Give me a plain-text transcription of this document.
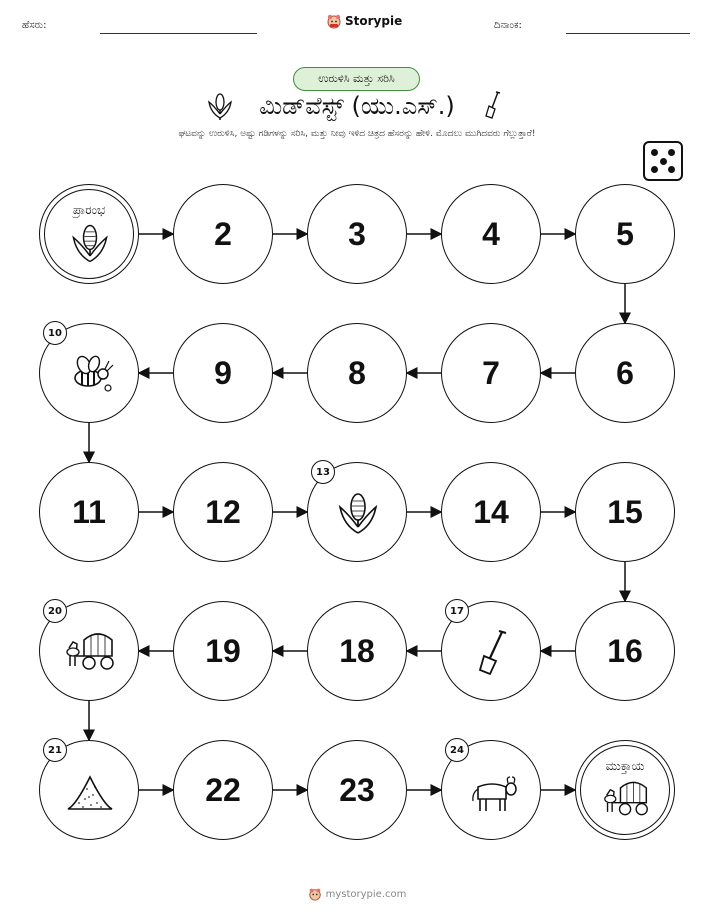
ಹೆಸರು:	Storypie	ದಿನಾಂಕ:
ಉರುಳಿಸಿ ಮತ್ತು ಸರಿಸಿ
ಮಿಡ್‌ವೆಸ್ಟ್ (ಯು.ಎಸ್.)
ಘಟವನ್ನು ಉರುಳಿಸಿ, ಅಷ್ಟು ಗಡಿಗಳನ್ನು ಸರಿಸಿ, ಮತ್ತು ನೀವು ಇಳಿದ ಚಿತ್ರದ ಹೆಸರನ್ನು ಹೇಳಿ. ಮೊದಲು ಮುಗಿದವರು ಗೆಲ್ಲುತ್ತಾರೆ!
ಪ್ರಾರಂಭ
2	3	4	5
6
7
8
9
10
11	12
13
14	15
16
17
18
19
20
21
22	23
24
ಮುಕ್ತಾಯ
mystorypie.com
